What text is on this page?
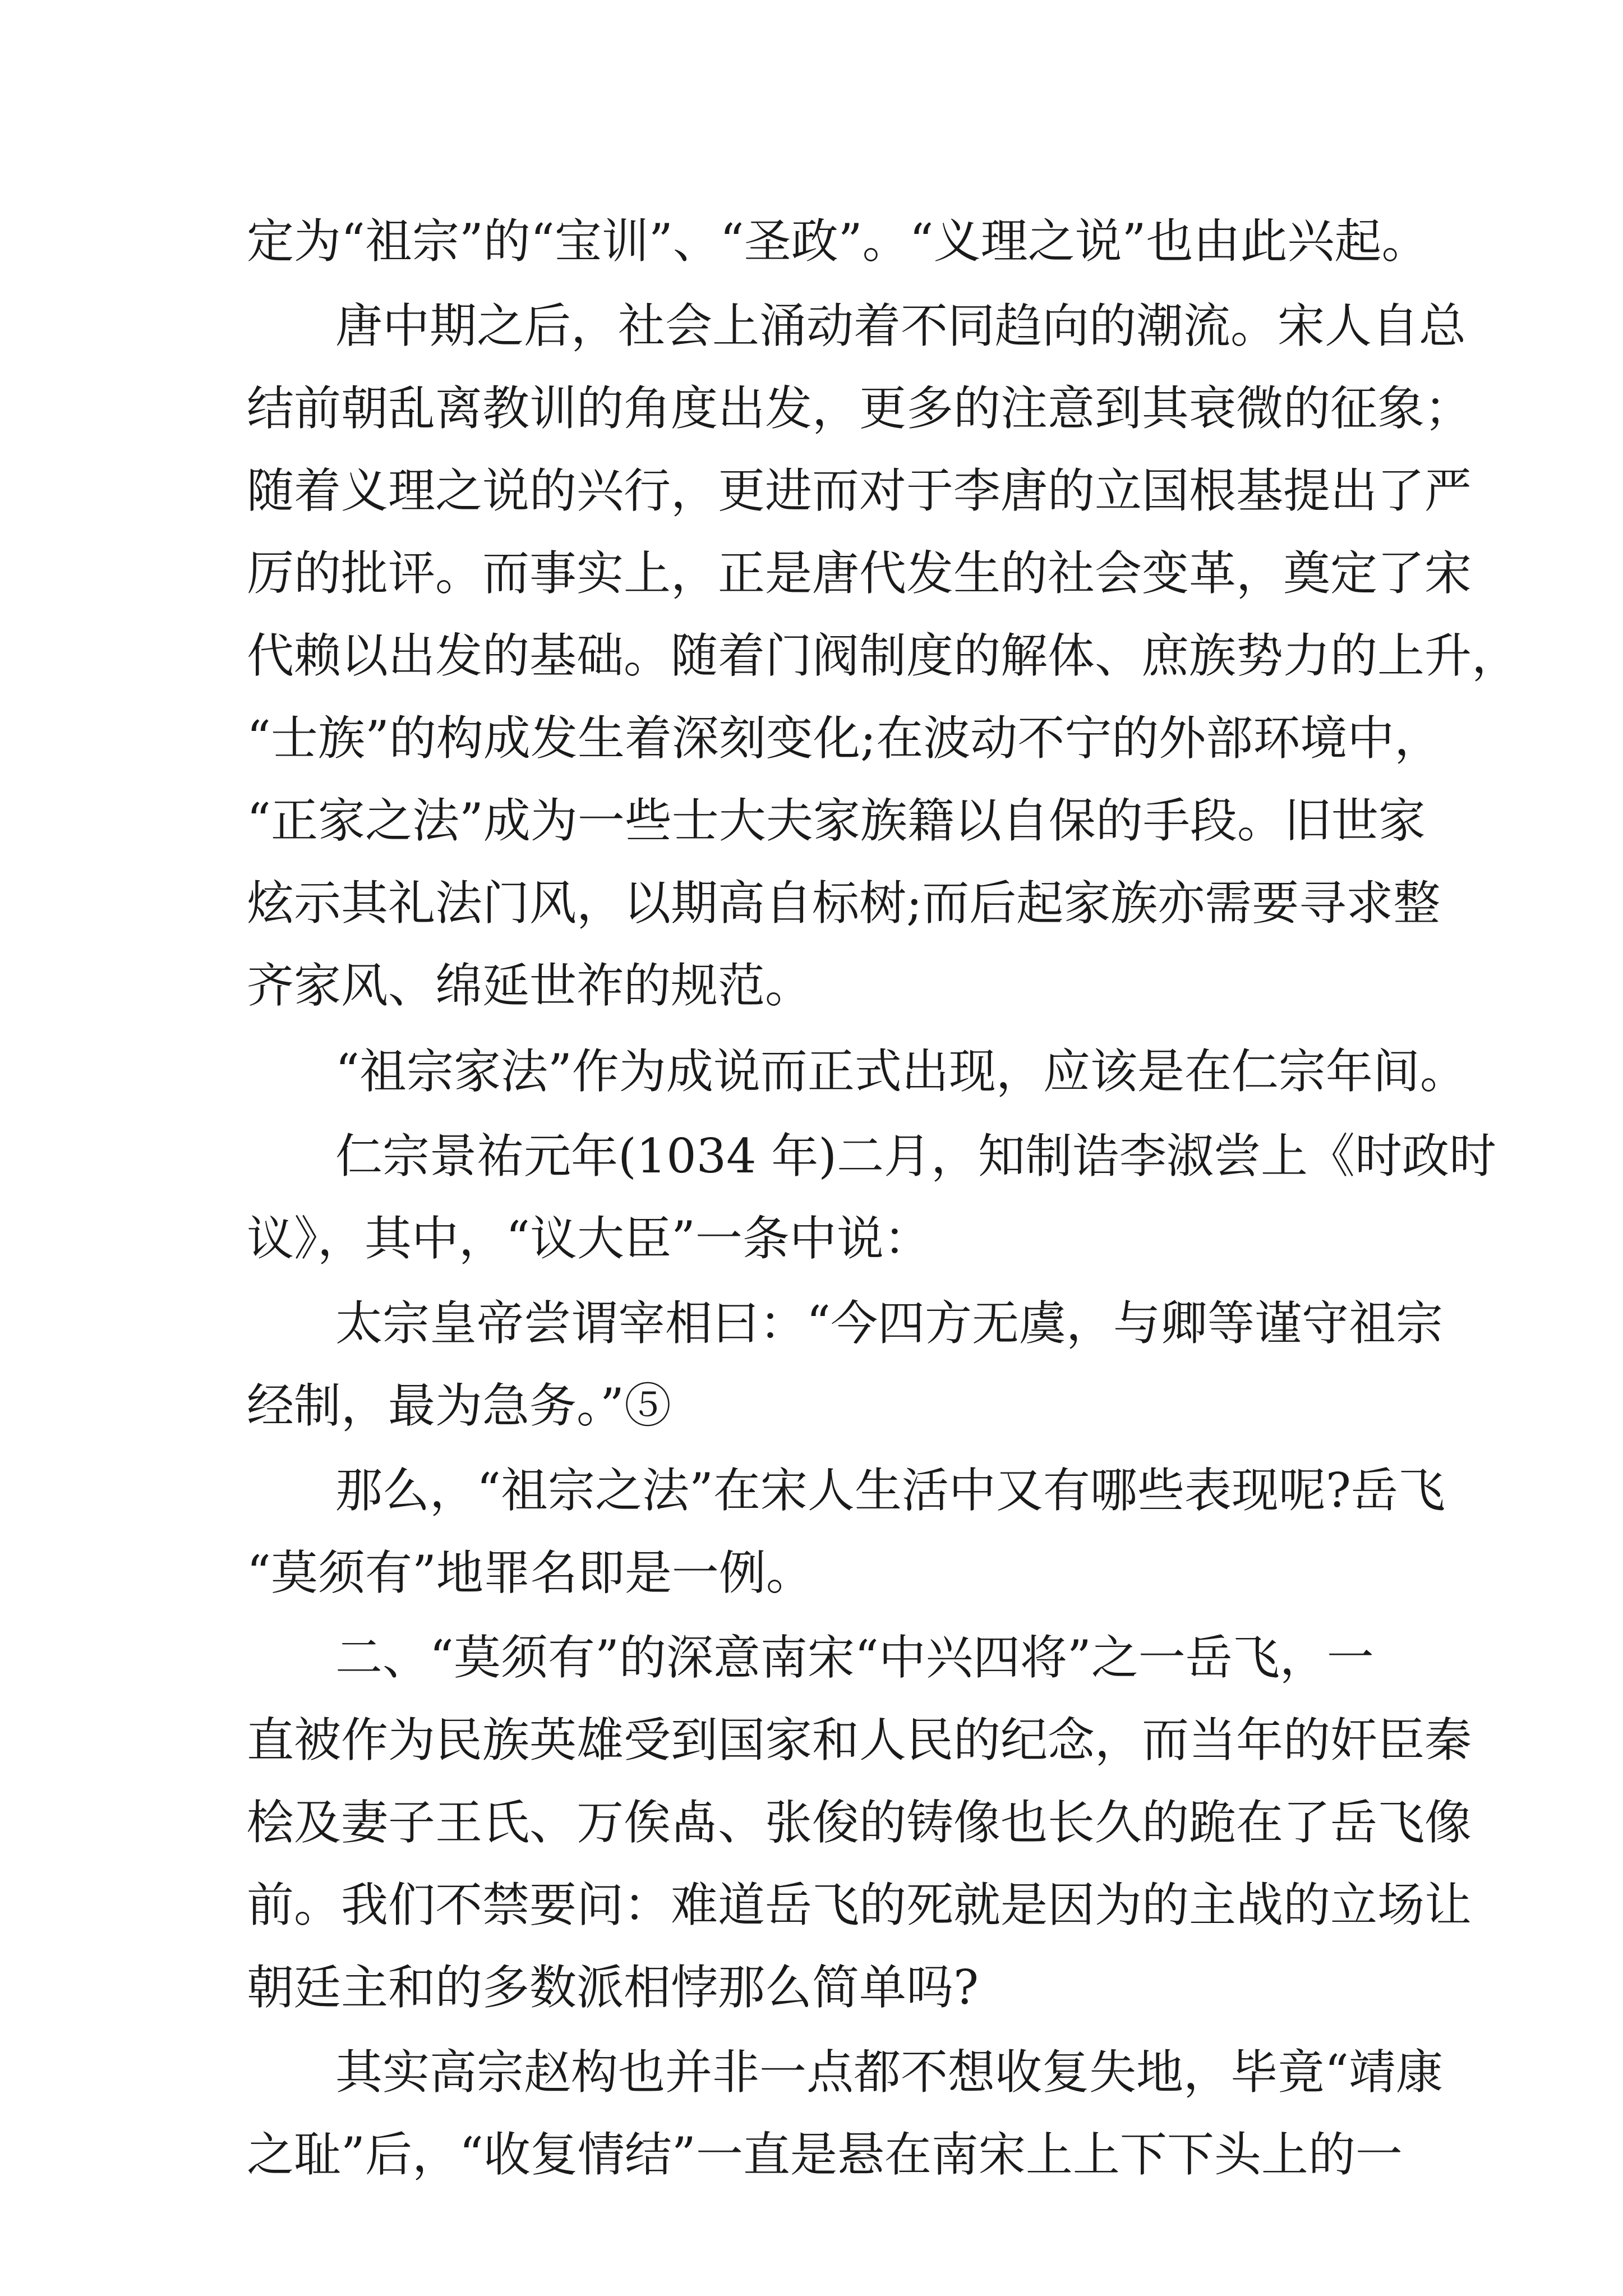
定为“祖宗”的“宝训”、“圣政”。“义理之说”也由此兴起。

唐中期之后，社会上涌动着不同趋向的潮流。宋人自总

结前朝乱离教训的角度出发，更多的注意到其衰微的征象；

随着义理之说的兴行，更进而对于李唐的立国根基提出了严

厉的批评。而事实上，正是唐代发生的社会变革，奠定了宋

代赖以出发的基础。随着门阀制度的解体、庶族势力的上升，

“士族”的构成发生着深刻变化;在波动不宁的外部环境中，

“正家之法”成为一些士大夫家族籍以自保的手段。旧世家

炫示其礼法门风，以期高自标树;而后起家族亦需要寻求整

齐家风、绵延世祚的规范。

“祖宗家法”作为成说而正式出现，应该是在仁宗年间。

仁宗景祐元年(1034 年)二月，知制诰李淑尝上《时政时

议》，其中，“议大臣”一条中说：

太宗皇帝尝谓宰相曰：“今四方无虞，与卿等谨守祖宗

经制，最为急务。”⑤

那么，“祖宗之法”在宋人生活中又有哪些表现呢?岳飞

“莫须有”地罪名即是一例。

二、“莫须有”的深意南宋“中兴四将”之一岳飞，一

直被作为民族英雄受到国家和人民的纪念，而当年的奸臣秦

桧及妻子王氏、万俟卨、张俊的铸像也长久的跪在了岳飞像

前。我们不禁要问：难道岳飞的死就是因为的主战的立场让

朝廷主和的多数派相悖那么简单吗?

其实高宗赵构也并非一点都不想收复失地，毕竟“靖康

之耻”后，“收复情结”一直是悬在南宋上上下下头上的一
